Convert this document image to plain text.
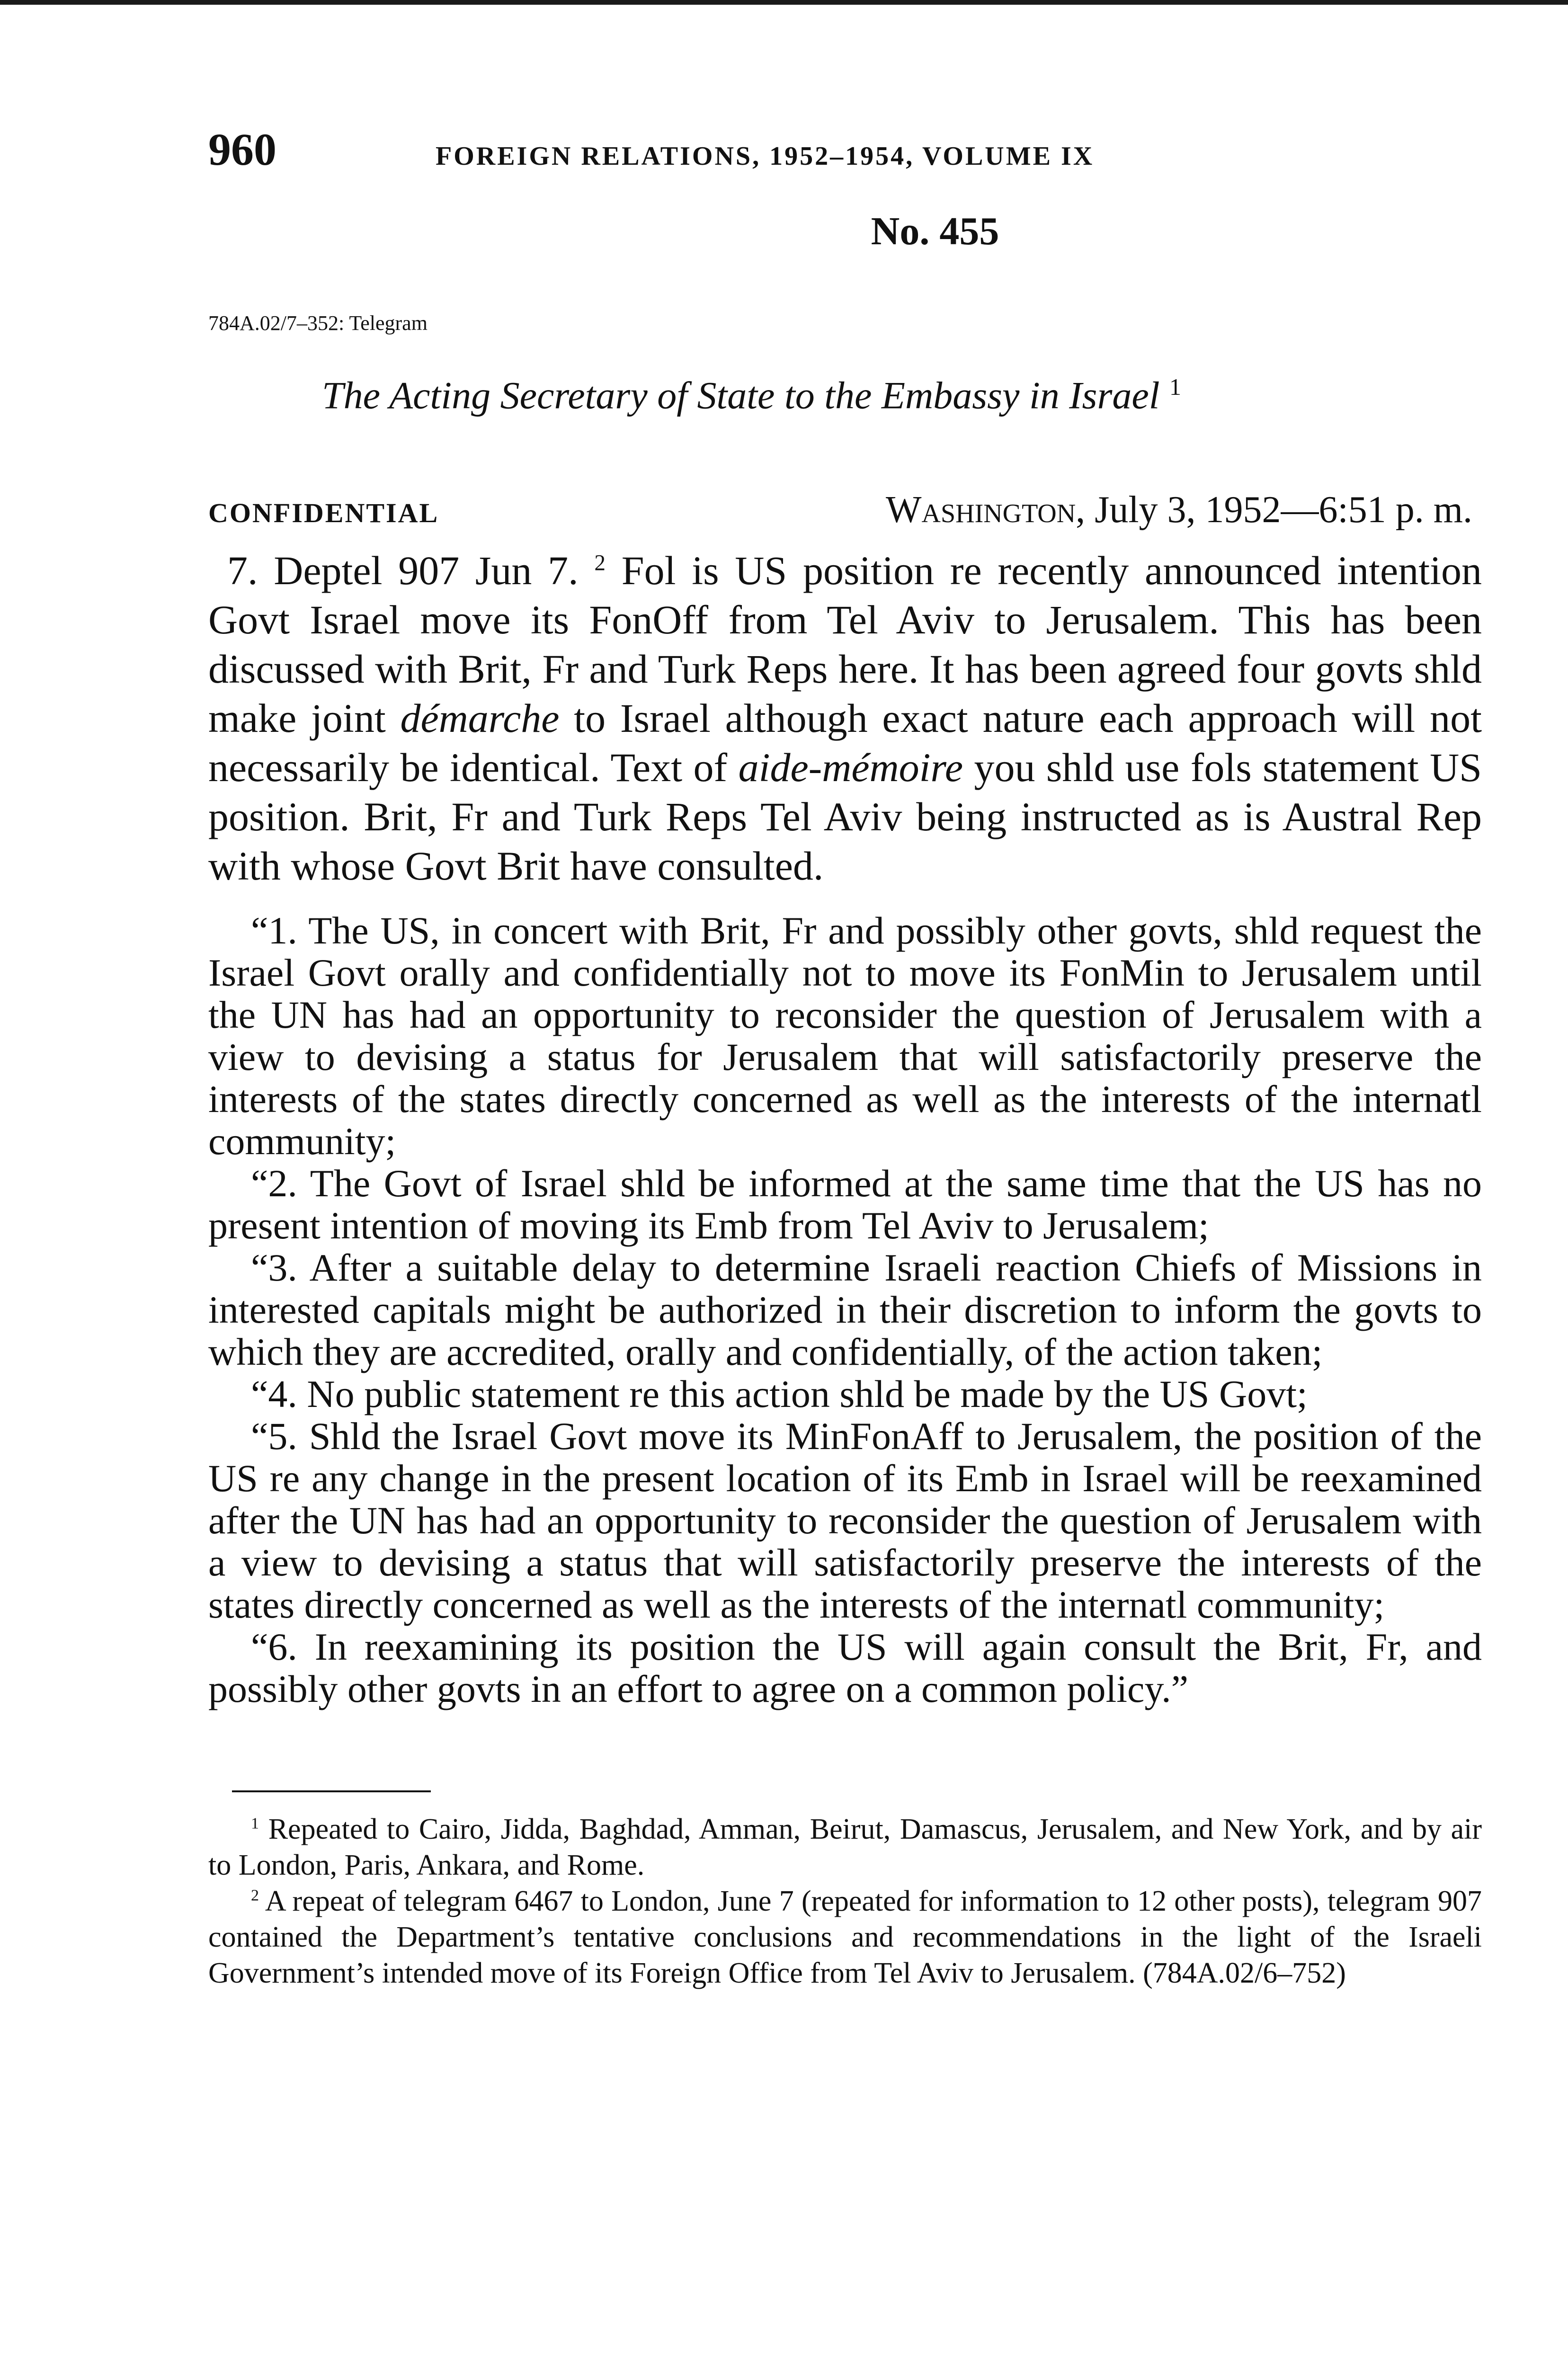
960	FOREIGN RELATIONS, 1952–1954, VOLUME IX
No. 455
784A.02/7–352: Telegram
The Acting Secretary of State to the Embassy in Israel $^1$
CONFIDENTIAL	Washington, July 3, 1952—6:51 p. m.

7. Deptel 907 Jun 7. $^2$ Fol is US position re recently announced intention Govt Israel move its FonOff from Tel Aviv to Jerusalem. This has been discussed with Brit, Fr and Turk Reps here. It has been agreed four govts shld make joint démarche to Israel although exact nature each approach will not necessarily be identical. Text of aide-mémoire you shld use fols statement US position. Brit, Fr and Turk Reps Tel Aviv being instructed as is Austral Rep with whose Govt Brit have consulted.

“1. The US, in concert with Brit, Fr and possibly other govts, shld request the Israel Govt orally and confidentially not to move its FonMin to Jerusalem until the UN has had an opportunity to reconsider the question of Jerusalem with a view to devising a status for Jerusalem that will satisfactorily preserve the interests of the states directly concerned as well as the interests of the internatl community;

“2. The Govt of Israel shld be informed at the same time that the US has no present intention of moving its Emb from Tel Aviv to Jerusalem;

“3. After a suitable delay to determine Israeli reaction Chiefs of Missions in interested capitals might be authorized in their discretion to inform the govts to which they are accredited, orally and confidentially, of the action taken;

“4. No public statement re this action shld be made by the US Govt;

“5. Shld the Israel Govt move its MinFonAff to Jerusalem, the position of the US re any change in the present location of its Emb in Israel will be reexamined after the UN has had an opportunity to reconsider the question of Jerusalem with a view to devising a status that will satisfactorily preserve the interests of the states directly concerned as well as the interests of the internatl community;

“6. In reexamining its position the US will again consult the Brit, Fr, and possibly other govts in an effort to agree on a common policy.”

$^1$ Repeated to Cairo, Jidda, Baghdad, Amman, Beirut, Damascus, Jerusalem, and New York, and by air to London, Paris, Ankara, and Rome.

$^2$ A repeat of telegram 6467 to London, June 7 (repeated for information to 12 other posts), telegram 907 contained the Department’s tentative conclusions and recommendations in the light of the Israeli Government’s intended move of its Foreign Office from Tel Aviv to Jerusalem. (784A.02/6–752)
